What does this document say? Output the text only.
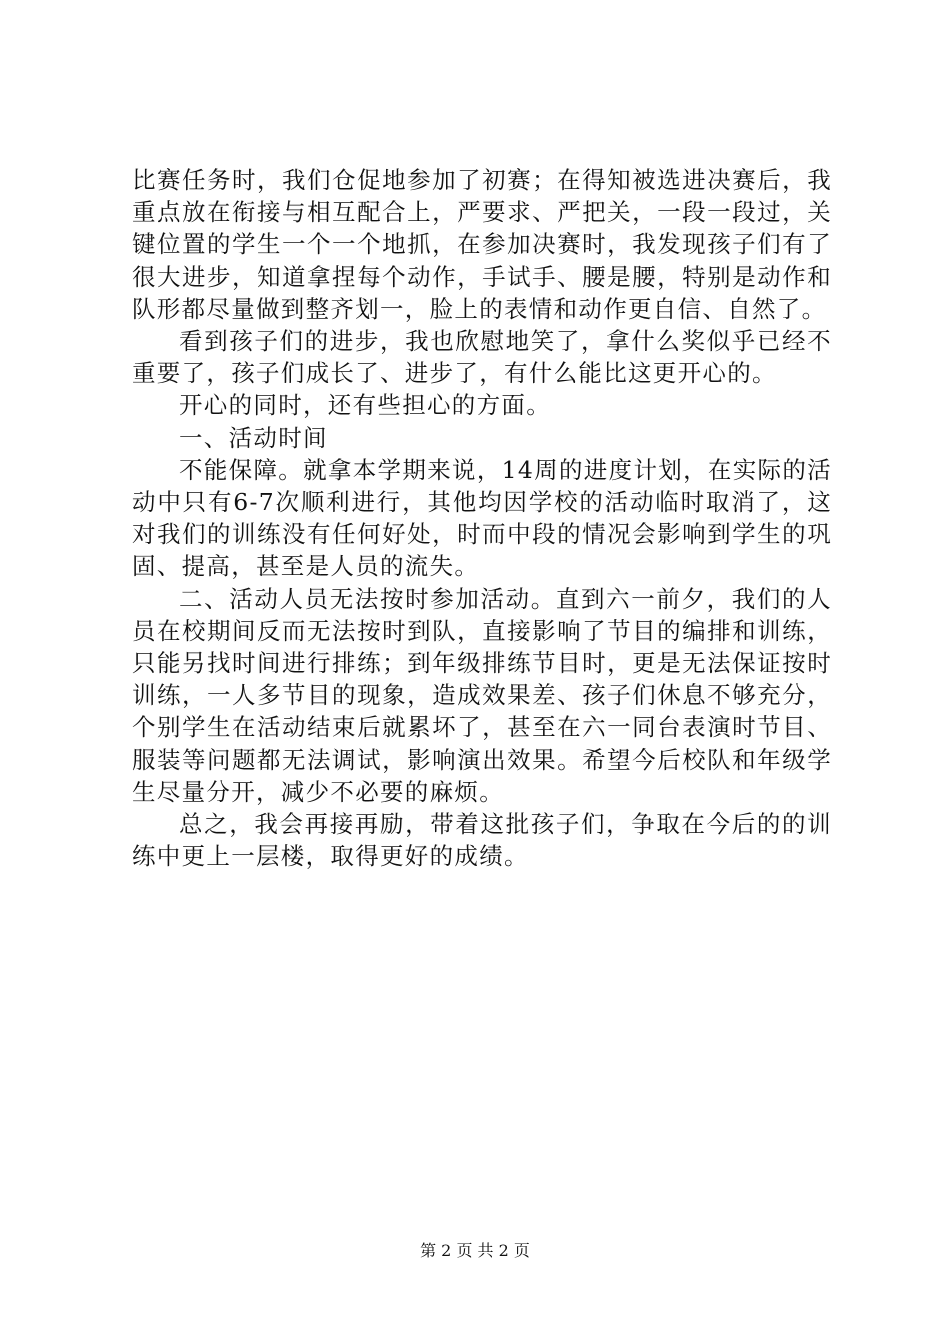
比赛任务时，我们仓促地参加了初赛；在得知被选进决赛后，我重点放在衔接与相互配合上，严要求、严把关，一段一段过，关键位置的学生一个一个地抓，在参加决赛时，我发现孩子们有了很大进步，知道拿捏每个动作，手试手、腰是腰，特别是动作和队形都尽量做到整齐划一，脸上的表情和动作更自信、自然了。

看到孩子们的进步，我也欣慰地笑了，拿什么奖似乎已经不重要了，孩子们成长了、进步了，有什么能比这更开心的。

开心的同时，还有些担心的方面。

一、活动时间

不能保障。就拿本学期来说，14周的进度计划，在实际的活动中只有6-7次顺利进行，其他均因学校的活动临时取消了，这对我们的训练没有任何好处，时而中段的情况会影响到学生的巩固、提高，甚至是人员的流失。

二、活动人员无法按时参加活动。直到六一前夕，我们的人员在校期间反而无法按时到队，直接影响了节目的编排和训练，只能另找时间进行排练；到年级排练节目时，更是无法保证按时训练，一人多节目的现象，造成效果差、孩子们休息不够充分，个别学生在活动结束后就累坏了，甚至在六一同台表演时节目、服装等问题都无法调试，影响演出效果。希望今后校队和年级学生尽量分开，减少不必要的麻烦。

总之，我会再接再励，带着这批孩子们，争取在今后的的训练中更上一层楼，取得更好的成绩。

第 2 页 共 2 页
